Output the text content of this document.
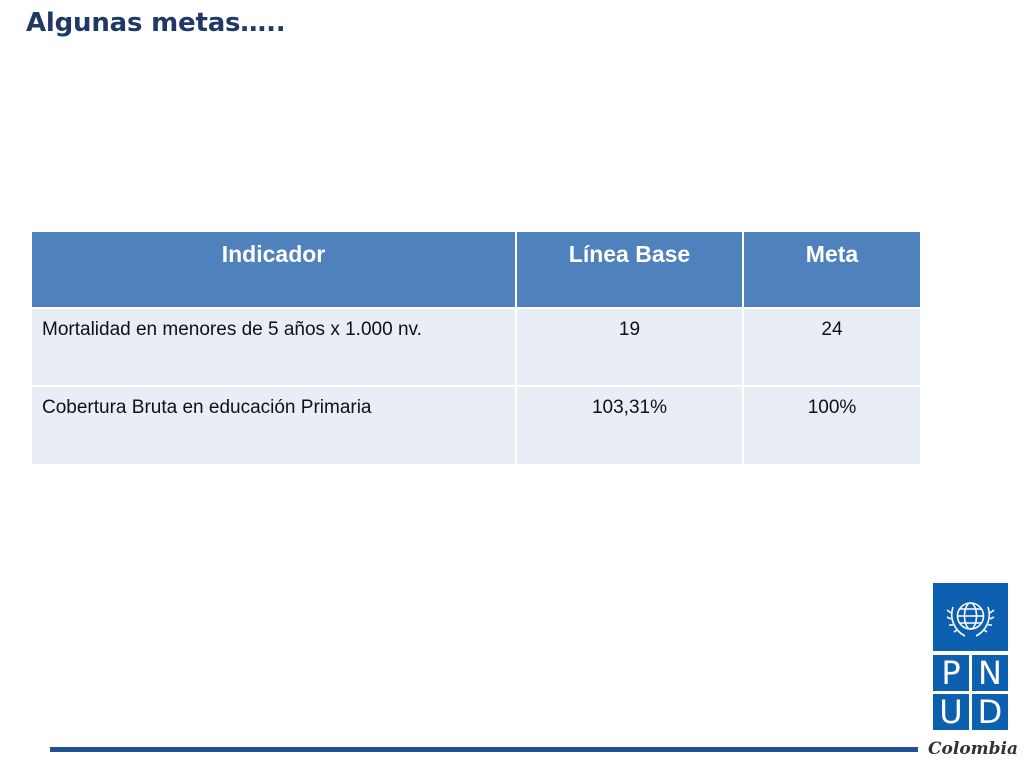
Algunas metas…..
Indicador	Línea Base	Meta
Mortalidad en menores de 5 años x 1.000 nv.	19	24
Cobertura Bruta en educación Primaria	103,31%	100%
P N
U D
Colombia
